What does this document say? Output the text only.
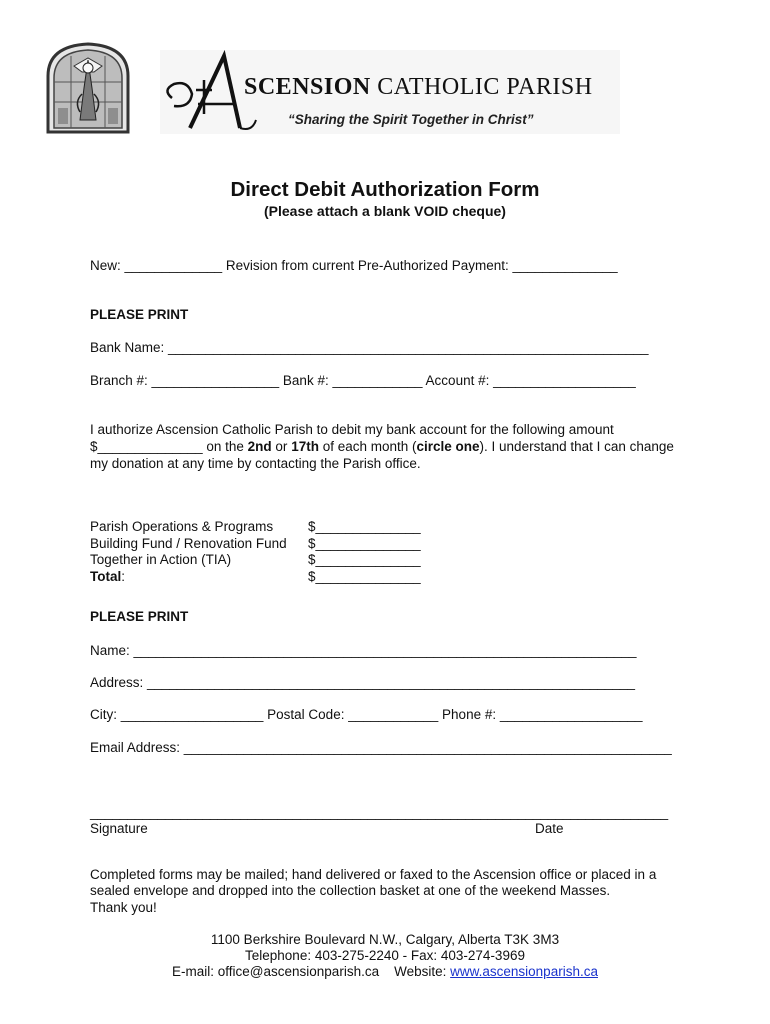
SCENSION CATHOLIC PARISH
“Sharing the Spirit Together in Christ”
Direct Debit Authorization Form
(Please attach a blank VOID cheque)
New: _____________ Revision from current Pre-Authorized Payment: ______________
PLEASE PRINT
Bank Name: ________________________________________________________________
Branch #: _________________ Bank #: ____________ Account #: ___________________
I authorize Ascension Catholic Parish to debit my bank account for the following amount
$______________ on the 2nd or 17th of each month (circle one). I understand that I can change
my donation at any time by contacting the Parish office.
Parish Operations & Programs	$______________
Building Fund / Renovation Fund $______________
Together in Action (TIA)	$______________
Total:	$______________
PLEASE PRINT
Name: ___________________________________________________________________
Address: _________________________________________________________________
City: ___________________ Postal Code: ____________ Phone #: ___________________
Email Address: _________________________________________________________________
_____________________________________________________________________________
Signature	Date
Completed forms may be mailed; hand delivered or faxed to the Ascension office or placed in a
sealed envelope and dropped into the collection basket at one of the weekend Masses.
Thank you!
1100 Berkshire Boulevard N.W., Calgary, Alberta T3K 3M3
Telephone: 403-275-2240 - Fax: 403-274-3969
E-mail: office@ascensionparish.ca Website: www.ascensionparish.ca
